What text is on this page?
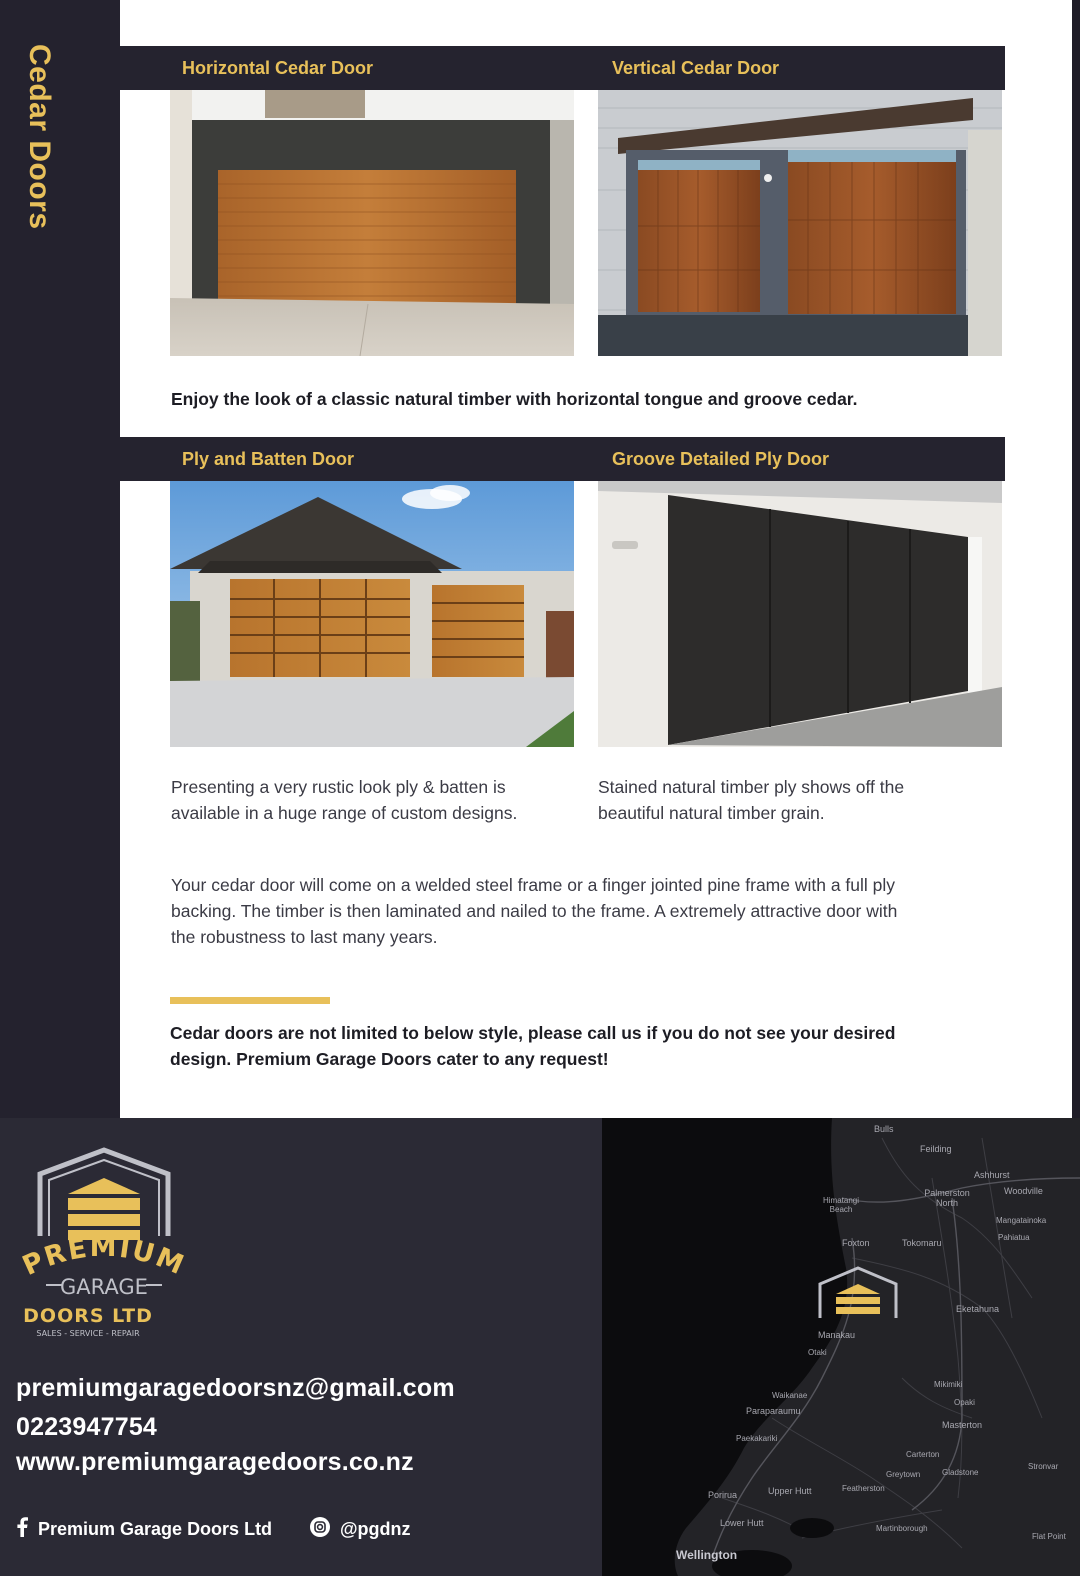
Cedar Doors	Horizontal Cedar Door	Vertical Cedar Door
Enjoy the look of a classic natural timber with horizontal tongue and groove cedar.
Ply and Batten Door	Groove Detailed Ply Door
Presenting a very rustic look ply & batten is
available in a huge range of custom designs.
Stained natural timber ply shows off the
beautiful natural timber grain.
Your cedar door will come on a welded steel frame or a finger jointed pine frame with a full ply
backing. The timber is then laminated and nailed to the frame. A extremely attractive door with
the robustness to last many years.
Cedar doors are not limited to below style, please call us if you do not see your desired
design. Premium Garage Doors cater to any request!
PREMIUM
GARAGE
DOORS LTD
SALES - SERVICE - REPAIR
premiumgaragedoorsnz@gmail.com
0223947754
www.premiumgaragedoors.co.nz
Premium Garage Doors Ltd	@pgdnz
Bulls
Feilding
Ashhurst
Palmerston North
Woodville
Himatangi Beach
Mangatainoka
Pahiatua
Foxton	Tokomaru
Eketahuna
Manakau
Otaki
Mikimiki
Opaki
Waikanae
Paraparaumu
Masterton
Paekakariki
Carterton
Greytown	Gladstone
Stronvar
Featherston
Porirua	Upper Hutt
Lower Hutt
Martinborough
Flat Point
Wellington
